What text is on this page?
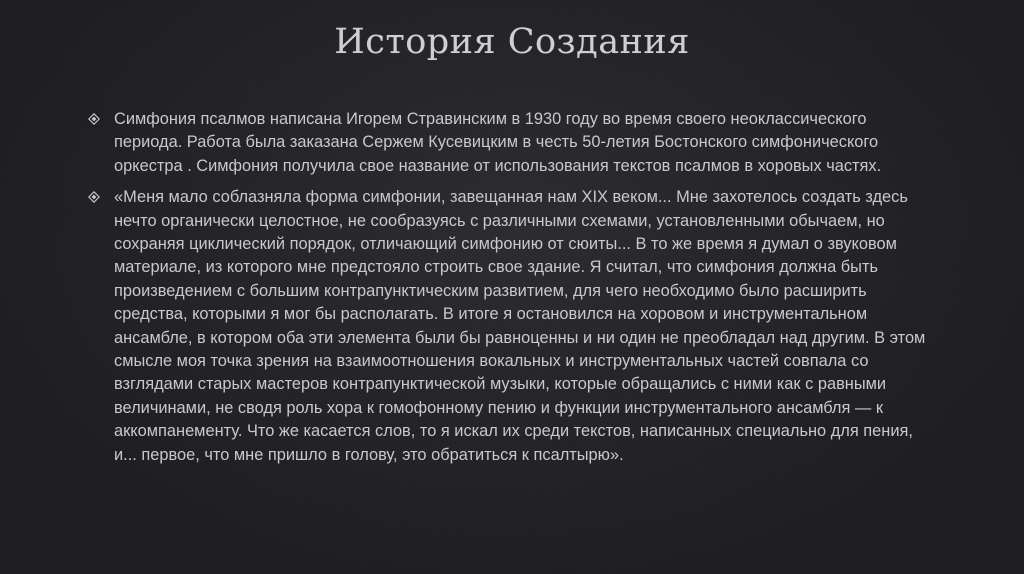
История Создания
Симфония псалмов написана Игорем Стравинским в 1930 году во время своего неоклассического периода. Работа была заказана Сержем Кусевицким в честь 50-летия Бостонского симфонического оркестра . Симфония получила свое название от использования текстов псалмов в хоровых частях.
«Меня мало соблазняла форма симфонии, завещанная нам XIX веком... Мне захотелось создать здесь нечто органически целостное, не сообразуясь с различными схемами, установленными обычаем, но сохраняя циклический порядок, отличающий симфонию от сюиты... В то же время я думал о звуковом материале, из которого мне предстояло строить свое здание. Я считал, что симфония должна быть произведением с большим контрапунктическим развитием, для чего необходимо было расширить средства, которыми я мог бы располагать. В итоге я остановился на хоровом и инструментальном ансамбле, в котором оба эти элемента были бы равноценны и ни один не преобладал над другим. В этом смысле моя точка зрения на взаимоотношения вокальных и инструментальных частей совпала со взглядами старых мастеров контрапунктической музыки, которые обращались с ними как с равными величинами, не сводя роль хора к гомофонному пению и функции инструментального ансамбля — к аккомпанементу. Что же касается слов, то я искал их среди текстов, написанных специально для пения, и... первое, что мне пришло в голову, это обратиться к псалтырю».
